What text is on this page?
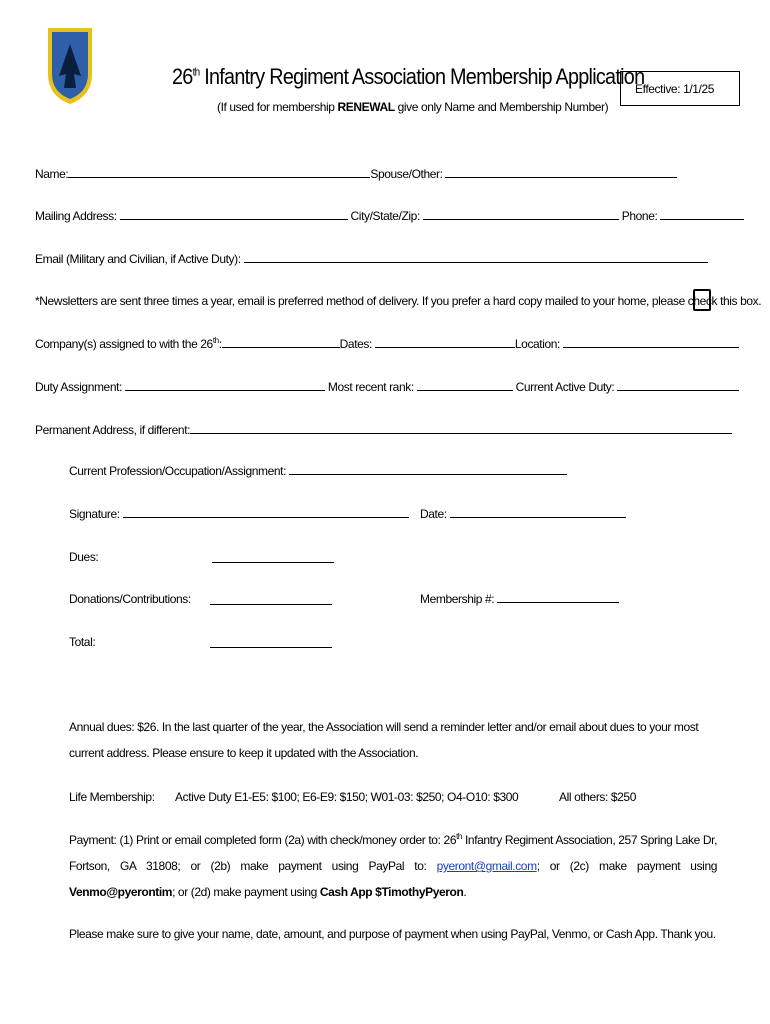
26th Infantry Regiment Association Membership Application
(If used for membership RENEWAL give only Name and Membership Number)
Effective: 1/1/25
Name:	Spouse/Other:
Mailing Address:	City/State/Zip:	Phone:
Email (Military and Civilian, if Active Duty):
*Newsletters are sent three times a year, email is preferred method of delivery. If you prefer a hard copy mailed to your home, please check this box.
Company(s) assigned to with the 26th:	Dates:	Location:
Duty Assignment:	Most recent rank:	Current Active Duty:
Permanent Address, if different:
Current Profession/Occupation/Assignment:
Signature:	Date:
Dues:
Donations/Contributions:	Membership #:
Total:
Annual dues: $26. In the last quarter of the year, the Association will send a reminder letter and/or email about dues to your most current address. Please ensure to keep it updated with the Association.
Life Membership: Active Duty E1-E5: $100; E6-E9: $150; W01-03: $250; O4-O10: $300	All others: $250
Payment: (1) Print or email completed form (2a) with check/money order to: 26th Infantry Regiment Association, 257 Spring Lake Dr, Fortson, GA 31808; or (2b) make payment using PayPal to: pyeront@gmail.com; or (2c) make payment using Venmo@pyerontim; or (2d) make payment using Cash App $TimothyPyeron.
Please make sure to give your name, date, amount, and purpose of payment when using PayPal, Venmo, or Cash App. Thank you.
